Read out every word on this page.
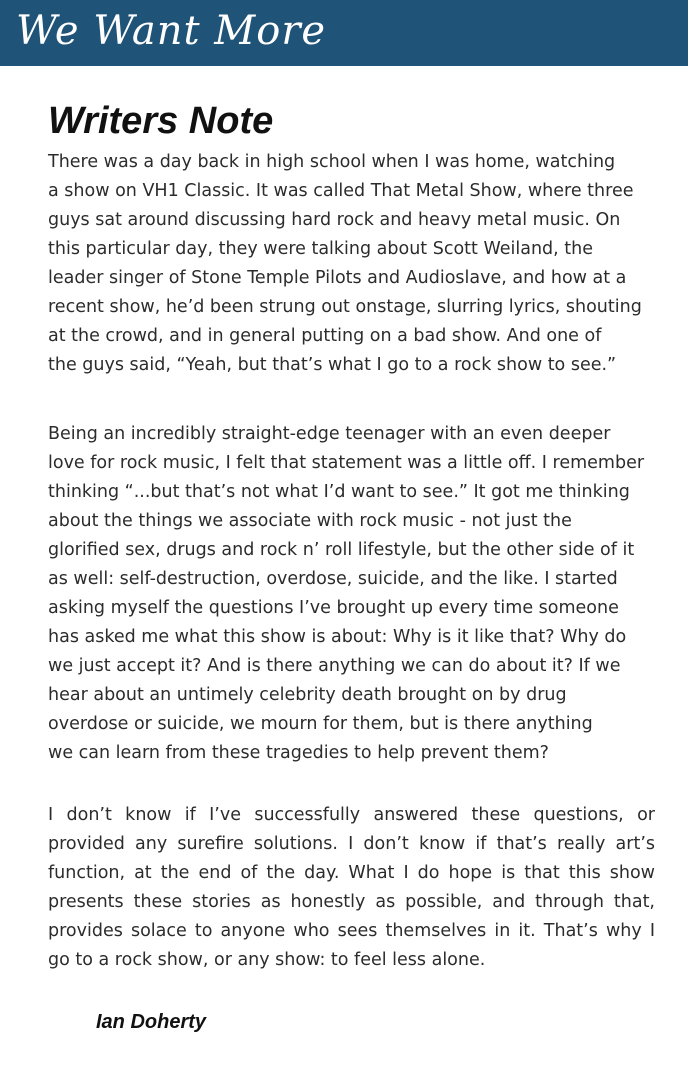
We Want More
Writers Note

There was a day back in high school when I was home, watching
a show on VH1 Classic. It was called That Metal Show, where three
guys sat around discussing hard rock and heavy metal music. On
this particular day, they were talking about Scott Weiland, the
leader singer of Stone Temple Pilots and Audioslave, and how at a
recent show, he’d been strung out onstage, slurring lyrics, shouting
at the crowd, and in general putting on a bad show. And one of
the guys said, “Yeah, but that’s what I go to a rock show to see.”

Being an incredibly straight-edge teenager with an even deeper
love for rock music, I felt that statement was a little off. I remember
thinking “...but that’s not what I’d want to see.” It got me thinking
about the things we associate with rock music - not just the
glorified sex, drugs and rock n’ roll lifestyle, but the other side of it
as well: self-destruction, overdose, suicide, and the like. I started
asking myself the questions I’ve brought up every time someone
has asked me what this show is about: Why is it like that? Why do
we just accept it? And is there anything we can do about it? If we
hear about an untimely celebrity death brought on by drug
overdose or suicide, we mourn for them, but is there anything
we can learn from these tragedies to help prevent them?

I don’t know if I’ve successfully answered these questions, or
provided any surefire solutions. I don’t know if that’s really art’s
function, at the end of the day. What I do hope is that this show
presents these stories as honestly as possible, and through that,
provides solace to anyone who sees themselves in it. That’s why I
go to a rock show, or any show: to feel less alone.

Ian Doherty
